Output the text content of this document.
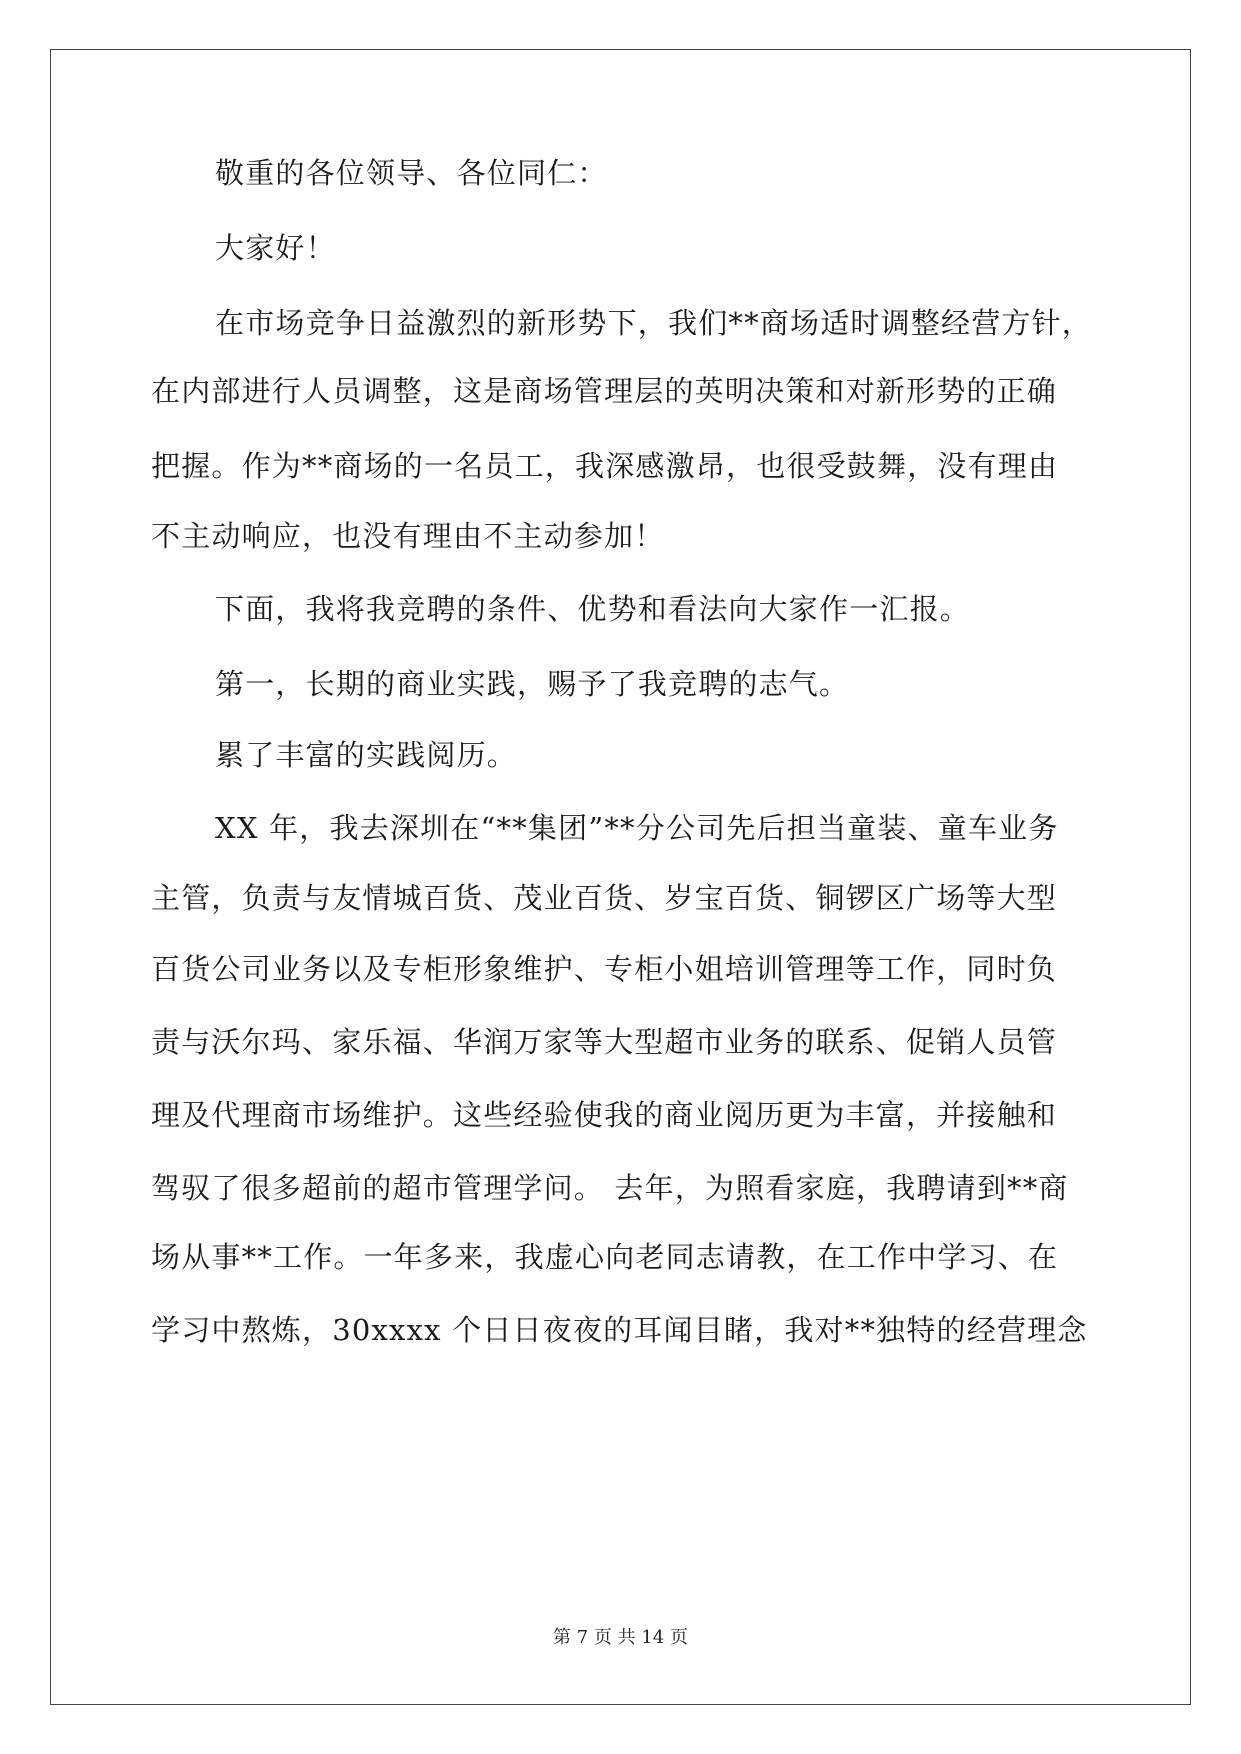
敬重的各位领导、各位同仁：
大家好！
在市场竞争日益激烈的新形势下，我们**商场适时调整经营方针，
在内部进行人员调整，这是商场管理层的英明决策和对新形势的正确
把握。作为**商场的一名员工，我深感激昂，也很受鼓舞，没有理由
不主动响应，也没有理由不主动参加！
下面，我将我竞聘的条件、优势和看法向大家作一汇报。
第一，长期的商业实践，赐予了我竞聘的志气。
累了丰富的实践阅历。
XX 年，我去深圳在“**集团”**分公司先后担当童装、童车业务
主管，负责与友情城百货、茂业百货、岁宝百货、铜锣区广场等大型
百货公司业务以及专柜形象维护、专柜小姐培训管理等工作，同时负
责与沃尔玛、家乐福、华润万家等大型超市业务的联系、促销人员管
理及代理商市场维护。这些经验使我的商业阅历更为丰富，并接触和
驾驭了很多超前的超市管理学问。 去年，为照看家庭，我聘请到**商
场从事**工作。一年多来，我虚心向老同志请教，在工作中学习、在
学习中熬炼，30xxxx 个日日夜夜的耳闻目睹，我对**独特的经营理念
第 7 页 共 14 页
